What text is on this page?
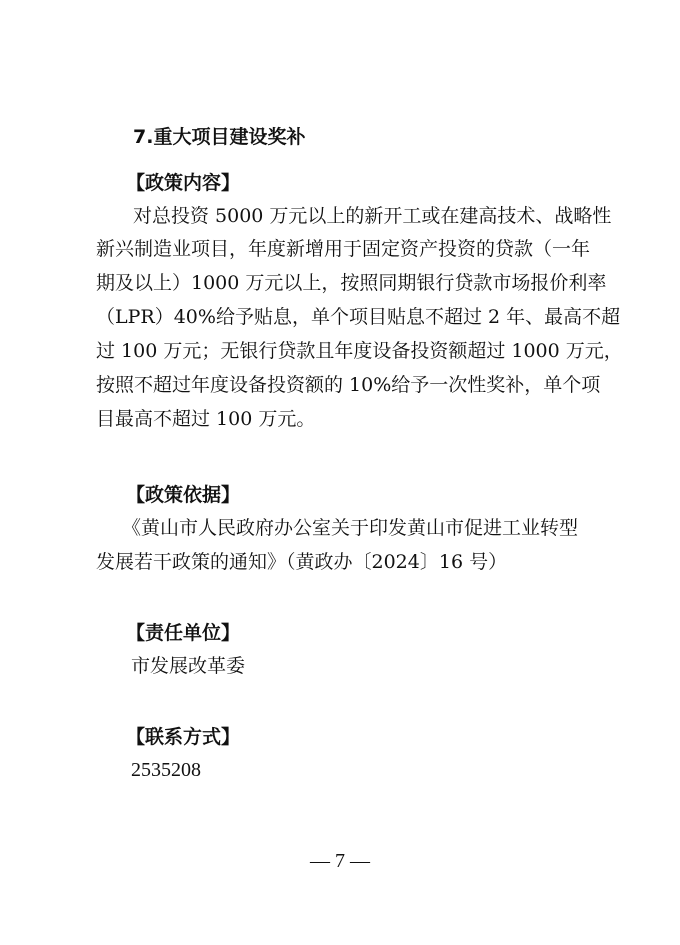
7.重大项目建设奖补
【政策内容】
对总投资 5000 万元以上的新开工或在建高技术、战略性
新兴制造业项目，年度新增用于固定资产投资的贷款（一年
期及以上）1000 万元以上，按照同期银行贷款市场报价利率
（LPR）40%给予贴息，单个项目贴息不超过 2 年、最高不超
过 100 万元；无银行贷款且年度设备投资额超过 1000 万元，
按照不超过年度设备投资额的 10%给予一次性奖补，单个项
目最高不超过 100 万元。
【政策依据】
《黄山市人民政府办公室关于印发黄山市促进工业转型
发展若干政策的通知》（黄政办〔2024〕16 号）
【责任单位】
市发展改革委
【联系方式】
2535208
— 7 —
